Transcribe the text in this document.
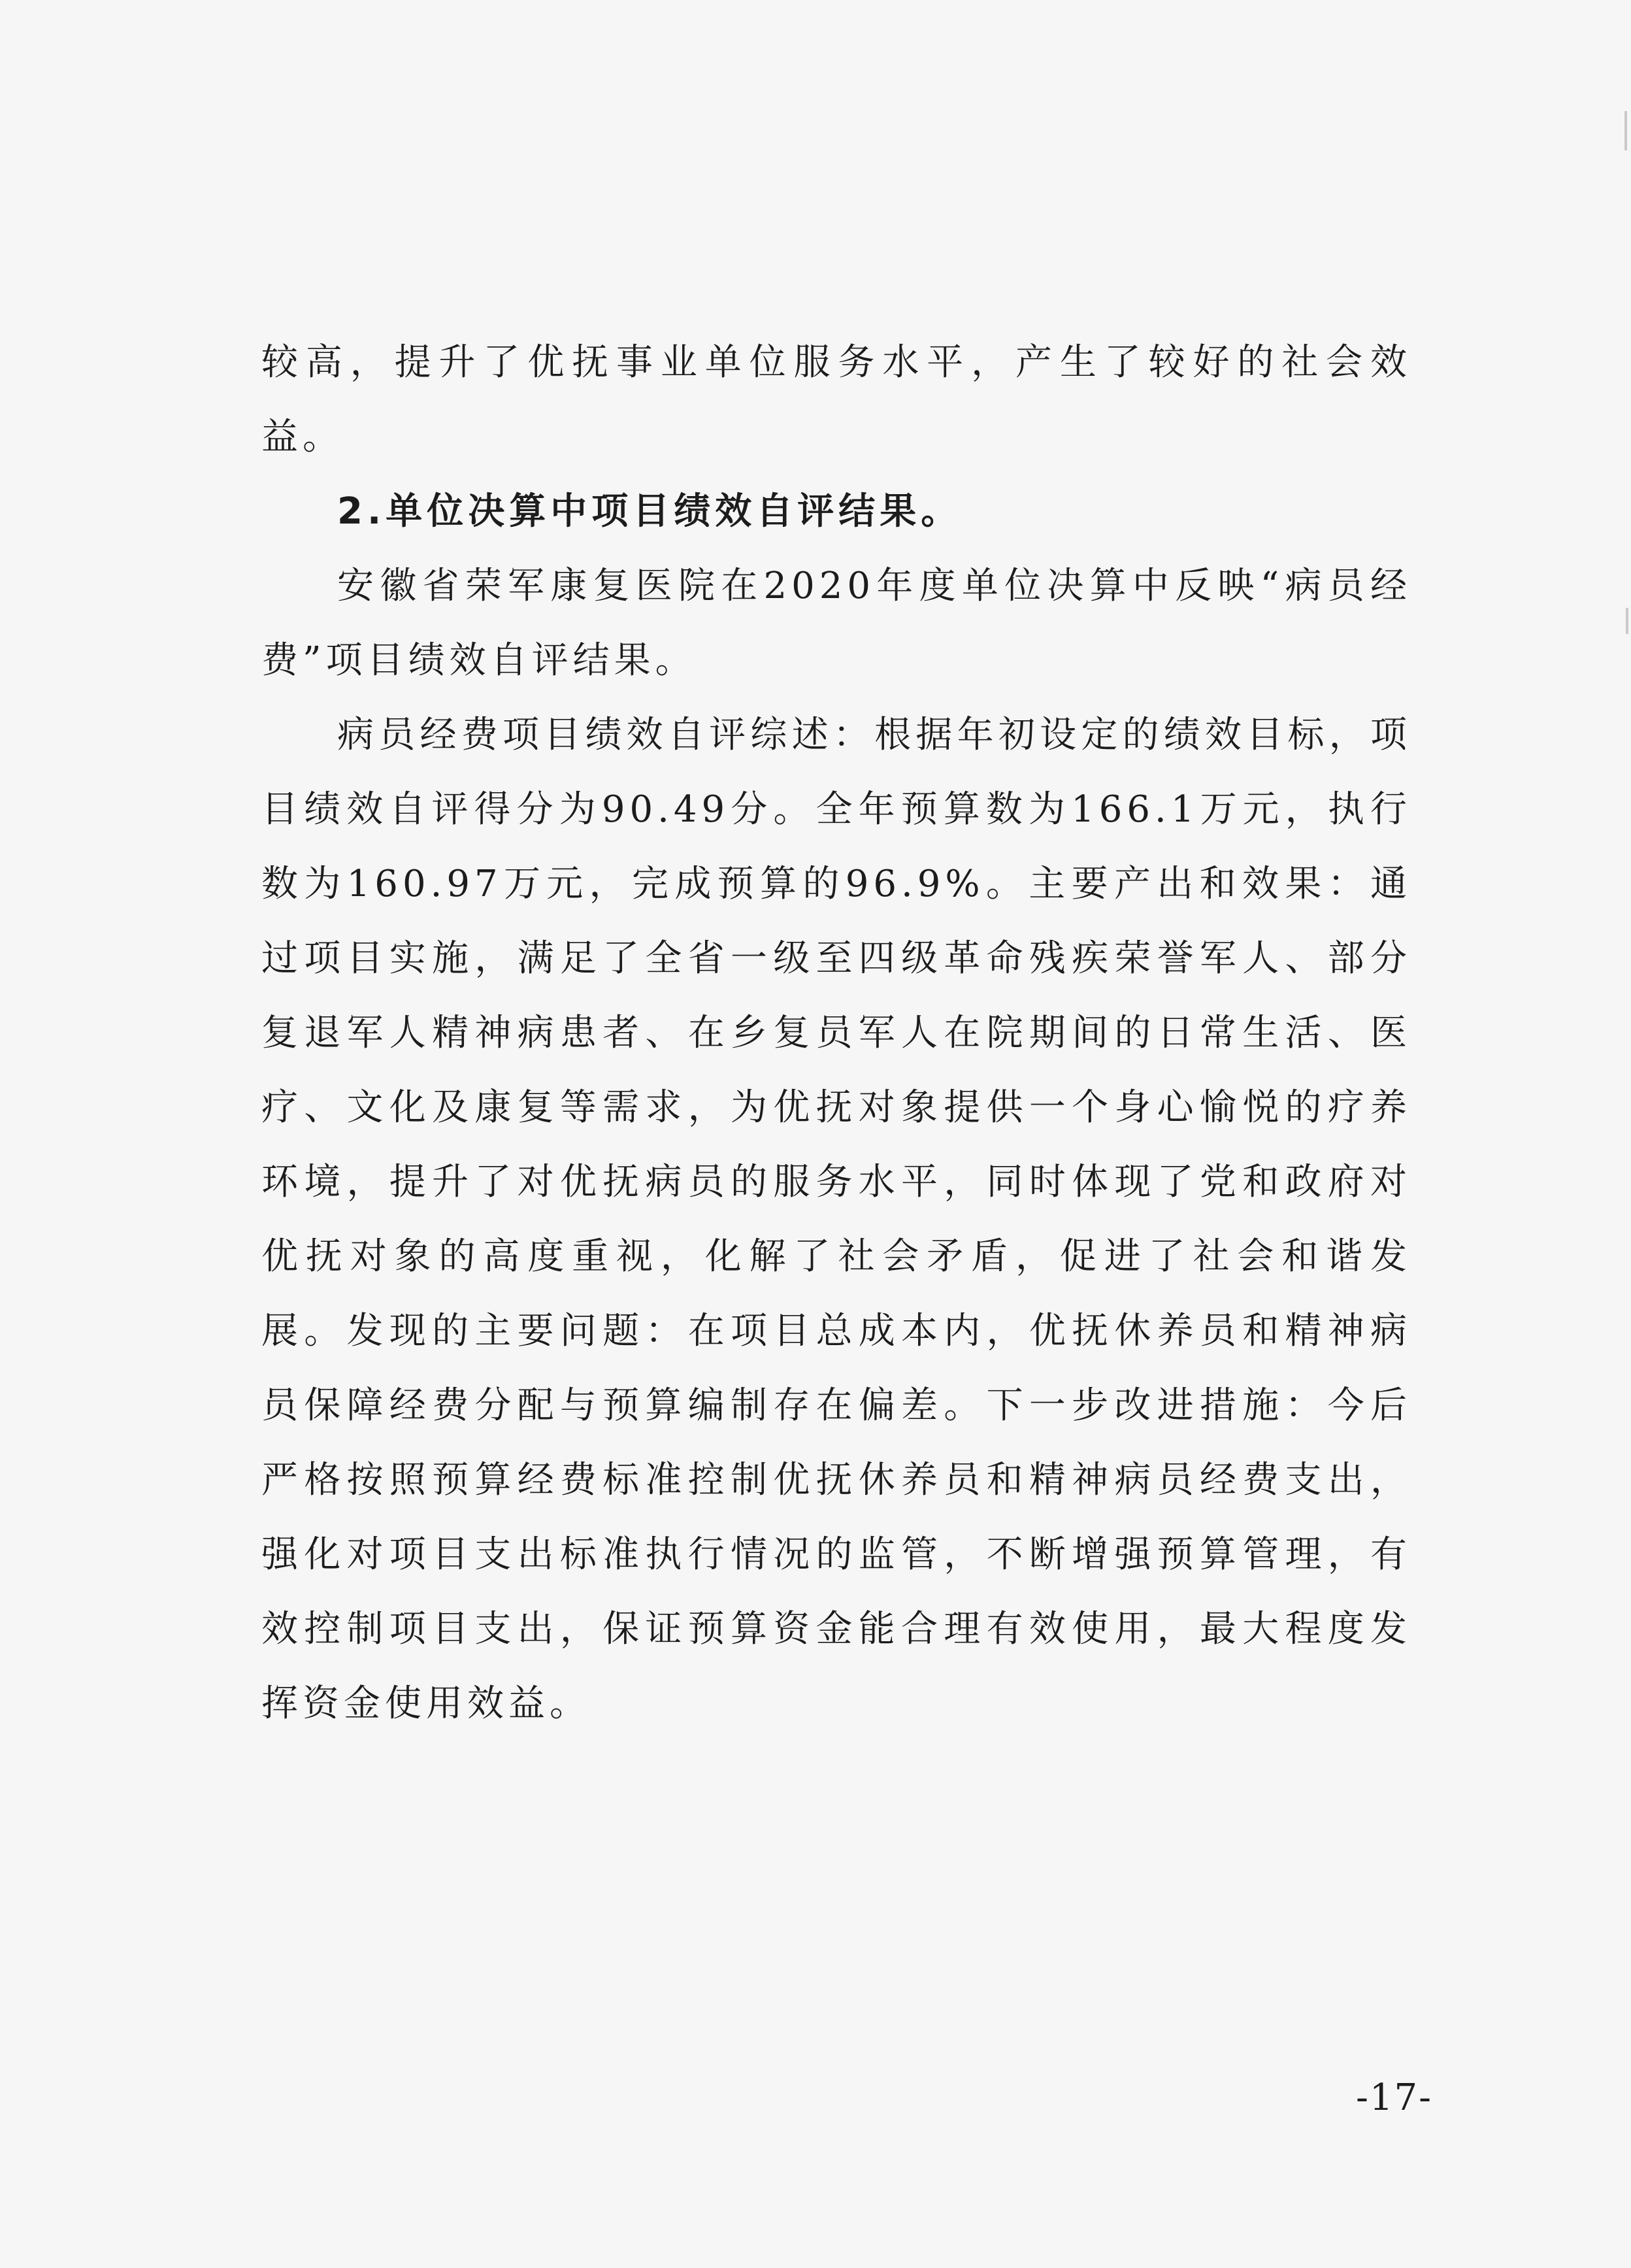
较高，提升了优抚事业单位服务水平，产生了较好的社会效益。

2.单位决算中项目绩效自评结果。

安徽省荣军康复医院在2020年度单位决算中反映“病员经费”项目绩效自评结果。

病员经费项目绩效自评综述：根据年初设定的绩效目标，项目绩效自评得分为90.49分。全年预算数为166.1万元，执行数为160.97万元，完成预算的96.9%。主要产出和效果：通过项目实施，满足了全省一级至四级革命残疾荣誉军人、部分复退军人精神病患者、在乡复员军人在院期间的日常生活、医疗、文化及康复等需求，为优抚对象提供一个身心愉悦的疗养环境，提升了对优抚病员的服务水平，同时体现了党和政府对优抚对象的高度重视，化解了社会矛盾，促进了社会和谐发展。发现的主要问题：在项目总成本内，优抚休养员和精神病员保障经费分配与预算编制存在偏差。下一步改进措施：今后严格按照预算经费标准控制优抚休养员和精神病员经费支出，强化对项目支出标准执行情况的监管，不断增强预算管理，有效控制项目支出，保证预算资金能合理有效使用，最大程度发挥资金使用效益。

-17-
